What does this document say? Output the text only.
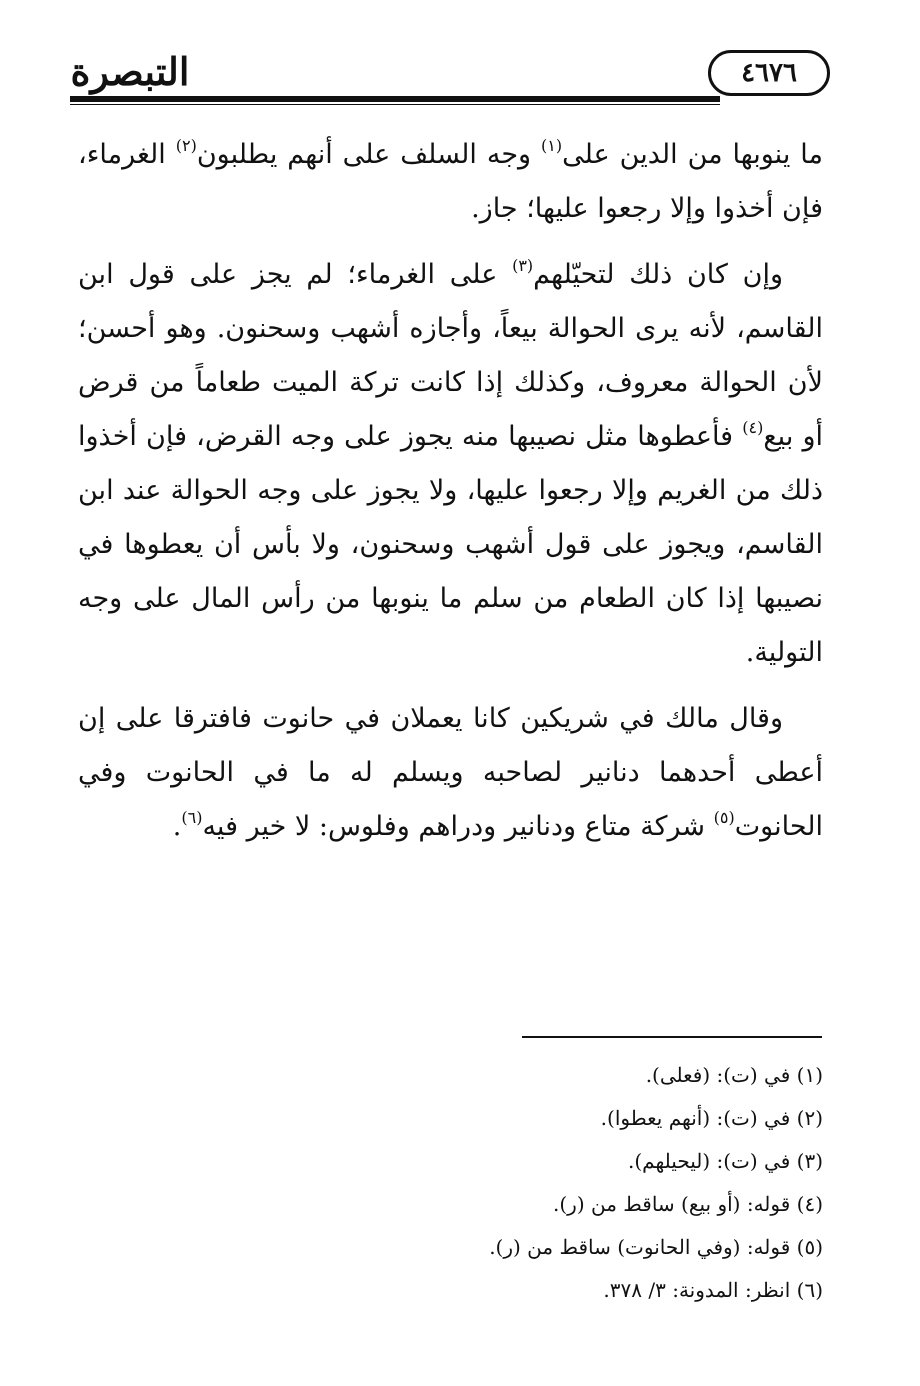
التبصرة	٤٦٧٦

ما ينوبها من الدين على$^{(١)}$ وجه السلف على أنهم يطلبون$^{(٢)}$ الغرماء، فإن أخذوا وإلا رجعوا عليها؛ جاز.

وإن كان ذلك لتحيّلهم$^{(٣)}$ على الغرماء؛ لم يجز على قول ابن القاسم، لأنه يرى الحوالة بيعاً، وأجازه أشهب وسحنون. وهو أحسن؛ لأن الحوالة معروف، وكذلك إذا كانت تركة الميت طعاماً من قرض أو بيع$^{(٤)}$ فأعطوها مثل نصيبها منه يجوز على وجه القرض، فإن أخذوا ذلك من الغريم وإلا رجعوا عليها، ولا يجوز على وجه الحوالة عند ابن القاسم، ويجوز على قول أشهب وسحنون، ولا بأس أن يعطوها في نصيبها إذا كان الطعام من سلم ما ينوبها من رأس المال على وجه التولية.

وقال مالك في شريكين كانا يعملان في حانوت فافترقا على إن أعطى أحدهما دنانير لصاحبه ويسلم له ما في الحانوت وفي الحانوت$^{(٥)}$ شركة متاع ودنانير ودراهم وفلوس: لا خير فيه$^{(٦)}$.

(١) في (ت): (فعلى).
(٢) في (ت): (أنهم يعطوا).
(٣) في (ت): (ليحيلهم).
(٤) قوله: (أو بيع) ساقط من (ر).
(٥) قوله: (وفي الحانوت) ساقط من (ر).
(٦) انظر: المدونة: ٣/ ٣٧٨.
